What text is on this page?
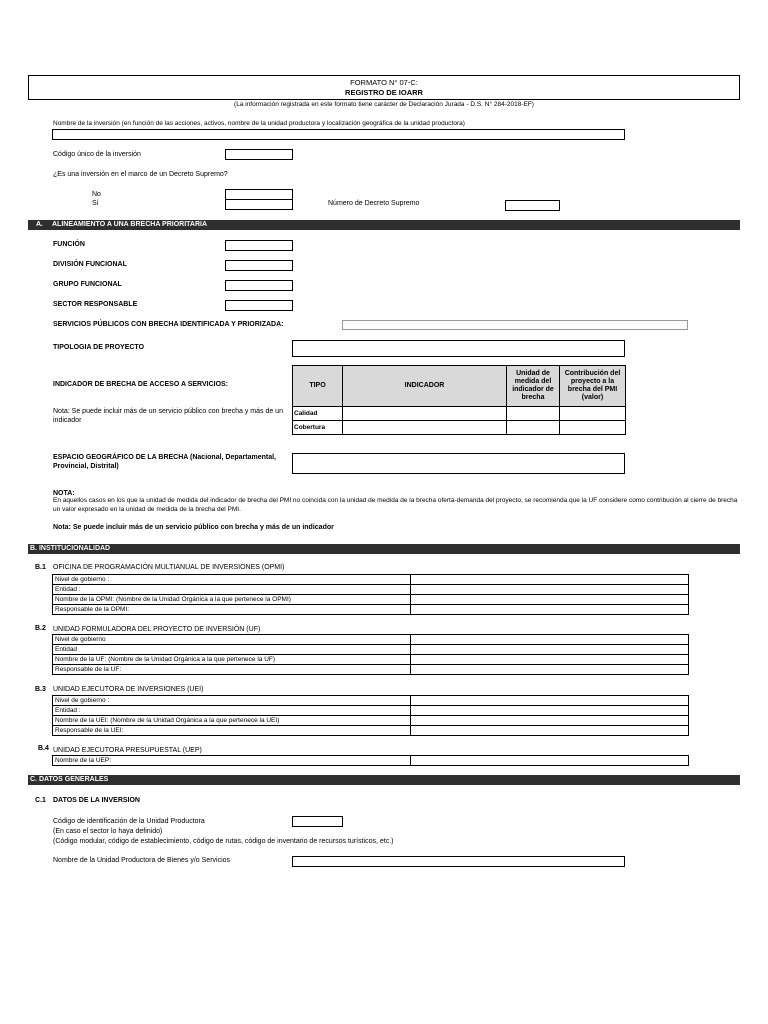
FORMATO N° 07-C:
REGISTRO DE IOARR
(La información registrada en este formato tiene carácter de Declaración Jurada - D.S. N° 284-2018-EF)
Nombre de la inversión (en función de las acciones, activos, nombre de la unidad productora y localización geográfica de la unidad productora)
Código único de la inversión
¿Es una inversión en el marco de un Decreto Supremo?
No
Sí	Número de Decreto Supremo
A. ALINEAMIENTO A UNA BRECHA PRIORITARIA
FUNCIÓN
DIVISIÓN FUNCIONAL
GRUPO FUNCIONAL
SECTOR RESPONSABLE
SERVICIOS PÚBLICOS CON BRECHA IDENTIFICADA Y PRIORIZADA:
TIPOLOGIA DE PROYECTO
INDICADOR DE BRECHA DE ACCESO A SERVICIOS:
Nota: Se puede incluir más de un servicio público con brecha y más de un indicador
TIPO	INDICADOR	Unidad de medida del indicador de brecha	Contribución del proyecto a la brecha del PMI (valor)
Calidad			
Cobertura			
ESPACIO GEOGRÁFICO DE LA BRECHA (Nacional, Departamental, Provincial, Distrital)
NOTA:
En aquellos casos en los que la unidad de medida del indicador de brecha del PMI no coincida con la unidad de medida de la brecha oferta-demanda del proyecto, se recomienda que la UF considere como contribución al cierre de brecha un valor expresado en la unidad de medida de la brecha del PMI.
Nota: Se puede incluir más de un servicio público con brecha y más de un indicador
B. INSTITUCIONALIDAD
B.1 OFICINA DE PROGRAMACIÓN MULTIANUAL DE INVERSIONES (OPMI)
Nivel de gobierno :	
Entidad :	
Nombre de la OPMI: (Nombre de la Unidad Orgánica a la que pertenece la OPMI)	
Responsable de la OPMI:	
B.2 UNIDAD FORMULADORA DEL PROYECTO DE INVERSIÓN (UF)
Nivel de gobierno	
Entidad	
Nombre de la UF: (Nombre de la Unidad Orgánica a la que pertenece la UF)	
Responsable de la UF:	
B.3 UNIDAD EJECUTORA DE INVERSIONES (UEI)
Nivel de gobierno :	
Entidad :	
Nombre de la UEI: (Nombre de la Unidad Orgánica a la que pertenece la UEI)	
Responsable de la UEI:	
B.4 UNIDAD EJECUTORA PRESUPUESTAL (UEP)
Nombre de la UEP:	
C. DATOS GENERALES
C.1 DATOS DE LA INVERSION
Código de identificación de la Unidad Productora
(En caso el sector lo haya definido)
(Código modular, código de establecimiento, código de rutas, código de inventario de recursos turísticos, etc.)
Nombre de la Unidad Productora de Bienes y/o Servicios
